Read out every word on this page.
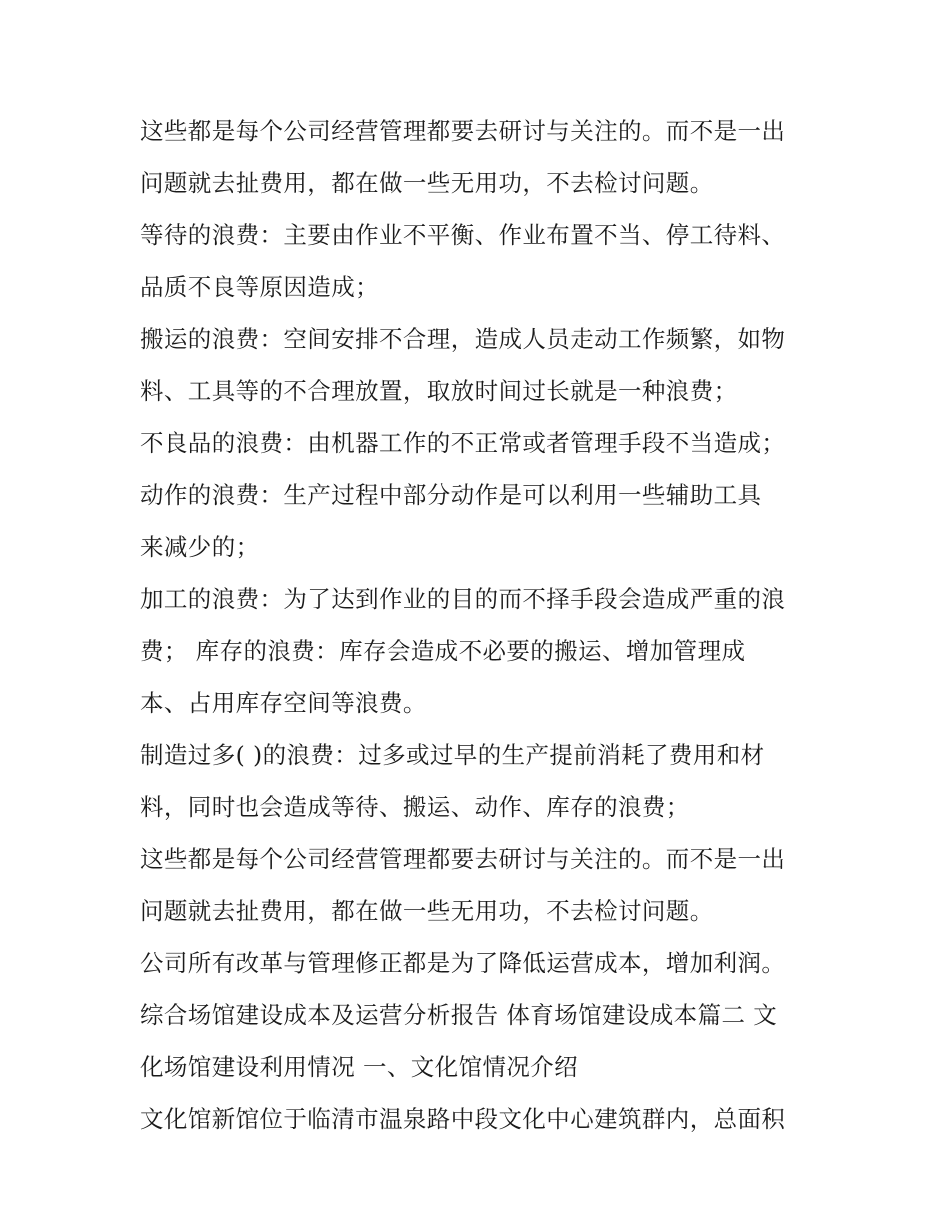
这些都是每个公司经营管理都要去研讨与关注的。而不是一出
问题就去扯费用，都在做一些无用功，不去检讨问题。
等待的浪费：主要由作业不平衡、作业布置不当、停工待料、
品质不良等原因造成；
搬运的浪费：空间安排不合理，造成人员走动工作频繁，如物
料、工具等的不合理放置，取放时间过长就是一种浪费；
不良品的浪费：由机器工作的不正常或者管理手段不当造成；
动作的浪费：生产过程中部分动作是可以利用一些辅助工具
来减少的；
加工的浪费：为了达到作业的目的而不择手段会造成严重的浪
费； 库存的浪费：库存会造成不必要的搬运、增加管理成
本、占用库存空间等浪费。
制造过多( )的浪费：过多或过早的生产提前消耗了费用和材
料，同时也会造成等待、搬运、动作、库存的浪费；
这些都是每个公司经营管理都要去研讨与关注的。而不是一出
问题就去扯费用，都在做一些无用功，不去检讨问题。
公司所有改革与管理修正都是为了降低运营成本，增加利润。
综合场馆建设成本及运营分析报告 体育场馆建设成本篇二 文
化场馆建设利用情况 一、文化馆情况介绍
文化馆新馆位于临清市温泉路中段文化中心建筑群内，总面积
